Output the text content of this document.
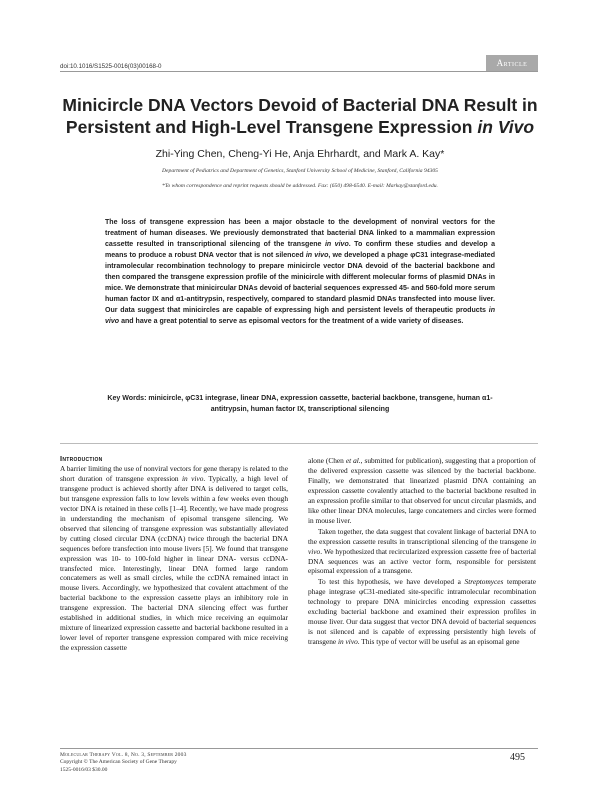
doi:10.1016/S1525-0016(03)00168-0	Article
Minicircle DNA Vectors Devoid of Bacterial DNA Result in Persistent and High-Level Transgene Expression in Vivo
Zhi-Ying Chen, Cheng-Yi He, Anja Ehrhardt, and Mark A. Kay*
Department of Pediatrics and Department of Genetics, Stanford University School of Medicine, Stanford, California 94305
*To whom correspondence and reprint requests should be addressed. Fax: (650) 498-6540. E-mail: Markay@stanford.edu.
The loss of transgene expression has been a major obstacle to the development of nonviral vectors for the treatment of human diseases. We previously demonstrated that bacterial DNA linked to a mammalian expression cassette resulted in transcriptional silencing of the transgene in vivo. To confirm these studies and develop a means to produce a robust DNA vector that is not silenced in vivo, we developed a phage φC31 integrase-mediated intramolecular recombination technology to prepare minicircle vector DNA devoid of the bacterial backbone and then compared the transgene expression profile of the minicircle with different molecular forms of plasmid DNAs in mice. We demonstrate that minicircular DNAs devoid of bacterial sequences expressed 45- and 560-fold more serum human factor IX and α1-antitrypsin, respectively, compared to standard plasmid DNAs transfected into mouse liver. Our data suggest that minicircles are capable of expressing high and persistent levels of therapeutic products in vivo and have a great potential to serve as episomal vectors for the treatment of a wide variety of diseases.
Key Words: minicircle, φC31 integrase, linear DNA, expression cassette, bacterial backbone, transgene, human α1-antitrypsin, human factor IX, transcriptional silencing
Introduction

A barrier limiting the use of nonviral vectors for gene therapy is related to the short duration of transgene expression in vivo. Typically, a high level of transgene product is achieved shortly after DNA is delivered to target cells, but transgene expression falls to low levels within a few weeks even though vector DNA is retained in these cells [1–4]. Recently, we have made progress in understanding the mechanism of episomal transgene silencing. We observed that silencing of transgene expression was substantially alleviated by cutting closed circular DNA (ccDNA) twice through the bacterial DNA sequences before transfection into mouse livers [5]. We found that transgene expression was 10- to 100-fold higher in linear DNA- versus ccDNA-transfected mice. Interestingly, linear DNA formed large random concatemers as well as small circles, while the ccDNA remained intact in mouse livers. Accordingly, we hypothesized that covalent attachment of the bacterial backbone to the expression cassette plays an inhibitory role in transgene expression. The bacterial DNA silencing effect was further established in additional studies, in which mice receiving an equimolar mixture of linearized expression cassette and bacterial backbone resulted in a lower level of reporter transgene expression compared with mice receiving the expression cassette

alone (Chen et al., submitted for publication), suggesting that a proportion of the delivered expression cassette was silenced by the bacterial backbone. Finally, we demonstrated that linearized plasmid DNA containing an expression cassette covalently attached to the bacterial backbone resulted in an expression profile similar to that observed for uncut circular plasmids, and like other linear DNA molecules, large concatemers and circles were formed in mouse liver.

Taken together, the data suggest that covalent linkage of bacterial DNA to the expression cassette results in transcriptional silencing of the transgene in vivo. We hypothesized that recircularized expression cassette free of bacterial DNA sequences was an active vector form, responsible for persistent episomal expression of a transgene.

To test this hypothesis, we have developed a Streptomyces temperate phage integrase φC31-mediated site-specific intramolecular recombination technology to prepare DNA minicircles encoding expression cassettes excluding bacterial backbone and examined their expression profiles in mouse liver. Our data suggest that vector DNA devoid of bacterial sequences is not silenced and is capable of expressing persistently high levels of transgene in vivo. This type of vector will be useful as an episomal gene

Molecular Therapy Vol. 8, No. 3, September 2003
Copyright © The American Society of Gene Therapy
1525-0016/03 $30.00
495
